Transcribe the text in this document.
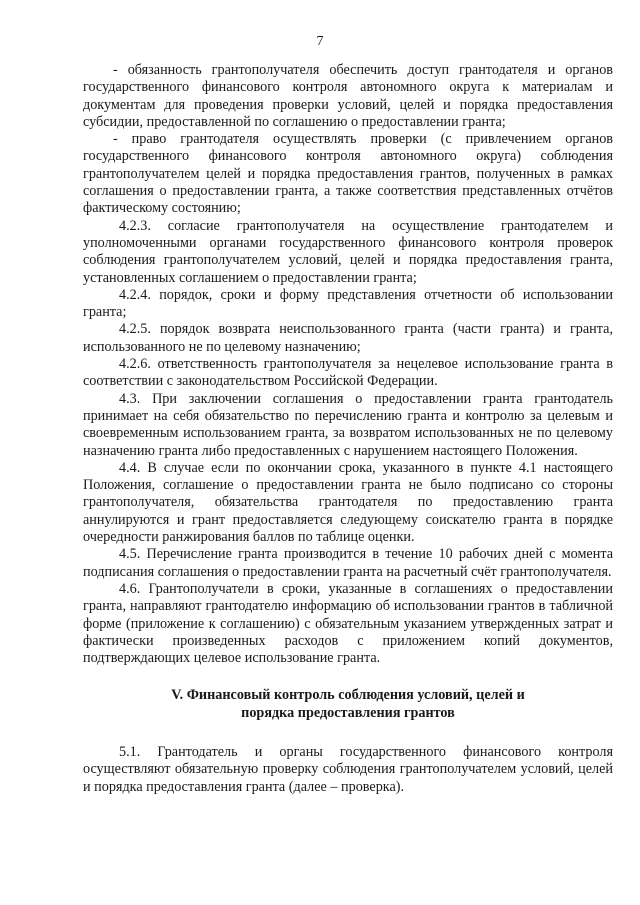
7

- обязанность грантополучателя обеспечить доступ грантодателя и органов государственного финансового контроля автономного округа к материалам и документам для проведения проверки условий, целей и порядка предоставления субсидии, предоставленной по соглашению о предоставлении гранта;

- право грантодателя осуществлять проверки (с привлечением органов государственного финансового контроля автономного округа) соблюдения грантополучателем целей и порядка предоставления грантов, полученных в рамках соглашения о предоставлении гранта, а также соответствия представленных отчётов фактическому состоянию;

4.2.3. согласие грантополучателя на осуществление грантодателем и уполномоченными органами государственного финансового контроля проверок соблюдения грантополучателем условий, целей и порядка предоставления гранта, установленных соглашением о предоставлении гранта;

4.2.4. порядок, сроки и форму представления отчетности об использовании гранта;

4.2.5. порядок возврата неиспользованного гранта (части гранта) и гранта, использованного не по целевому назначению;

4.2.6. ответственность грантополучателя за нецелевое использование гранта в соответствии с законодательством Российской Федерации.

4.3. При заключении соглашения о предоставлении гранта грантодатель принимает на себя обязательство по перечислению гранта и контролю за целевым и своевременным использованием гранта, за возвратом использованных не по целевому назначению гранта либо предоставленных с нарушением настоящего Положения.

4.4. В случае если по окончании срока, указанного в пункте 4.1 настоящего Положения, соглашение о предоставлении гранта не было подписано со стороны грантополучателя, обязательства грантодателя по предоставлению гранта аннулируются и грант предоставляется следующему соискателю гранта в порядке очередности ранжирования баллов по таблице оценки.

4.5. Перечисление гранта производится в течение 10 рабочих дней с момента подписания соглашения о предоставлении гранта на расчетный счёт грантополучателя.

4.6. Грантополучатели в сроки, указанные в соглашениях о предоставлении гранта, направляют грантодателю информацию об использовании грантов в табличной форме (приложение к соглашению) с обязательным указанием утвержденных затрат и фактически произведенных расходов с приложением копий документов, подтверждающих целевое использование гранта.

V. Финансовый контроль соблюдения условий, целей и
порядка предоставления грантов

5.1. Грантодатель и органы государственного финансового контроля осуществляют обязательную проверку соблюдения грантополучателем условий, целей и порядка предоставления гранта (далее – проверка).
